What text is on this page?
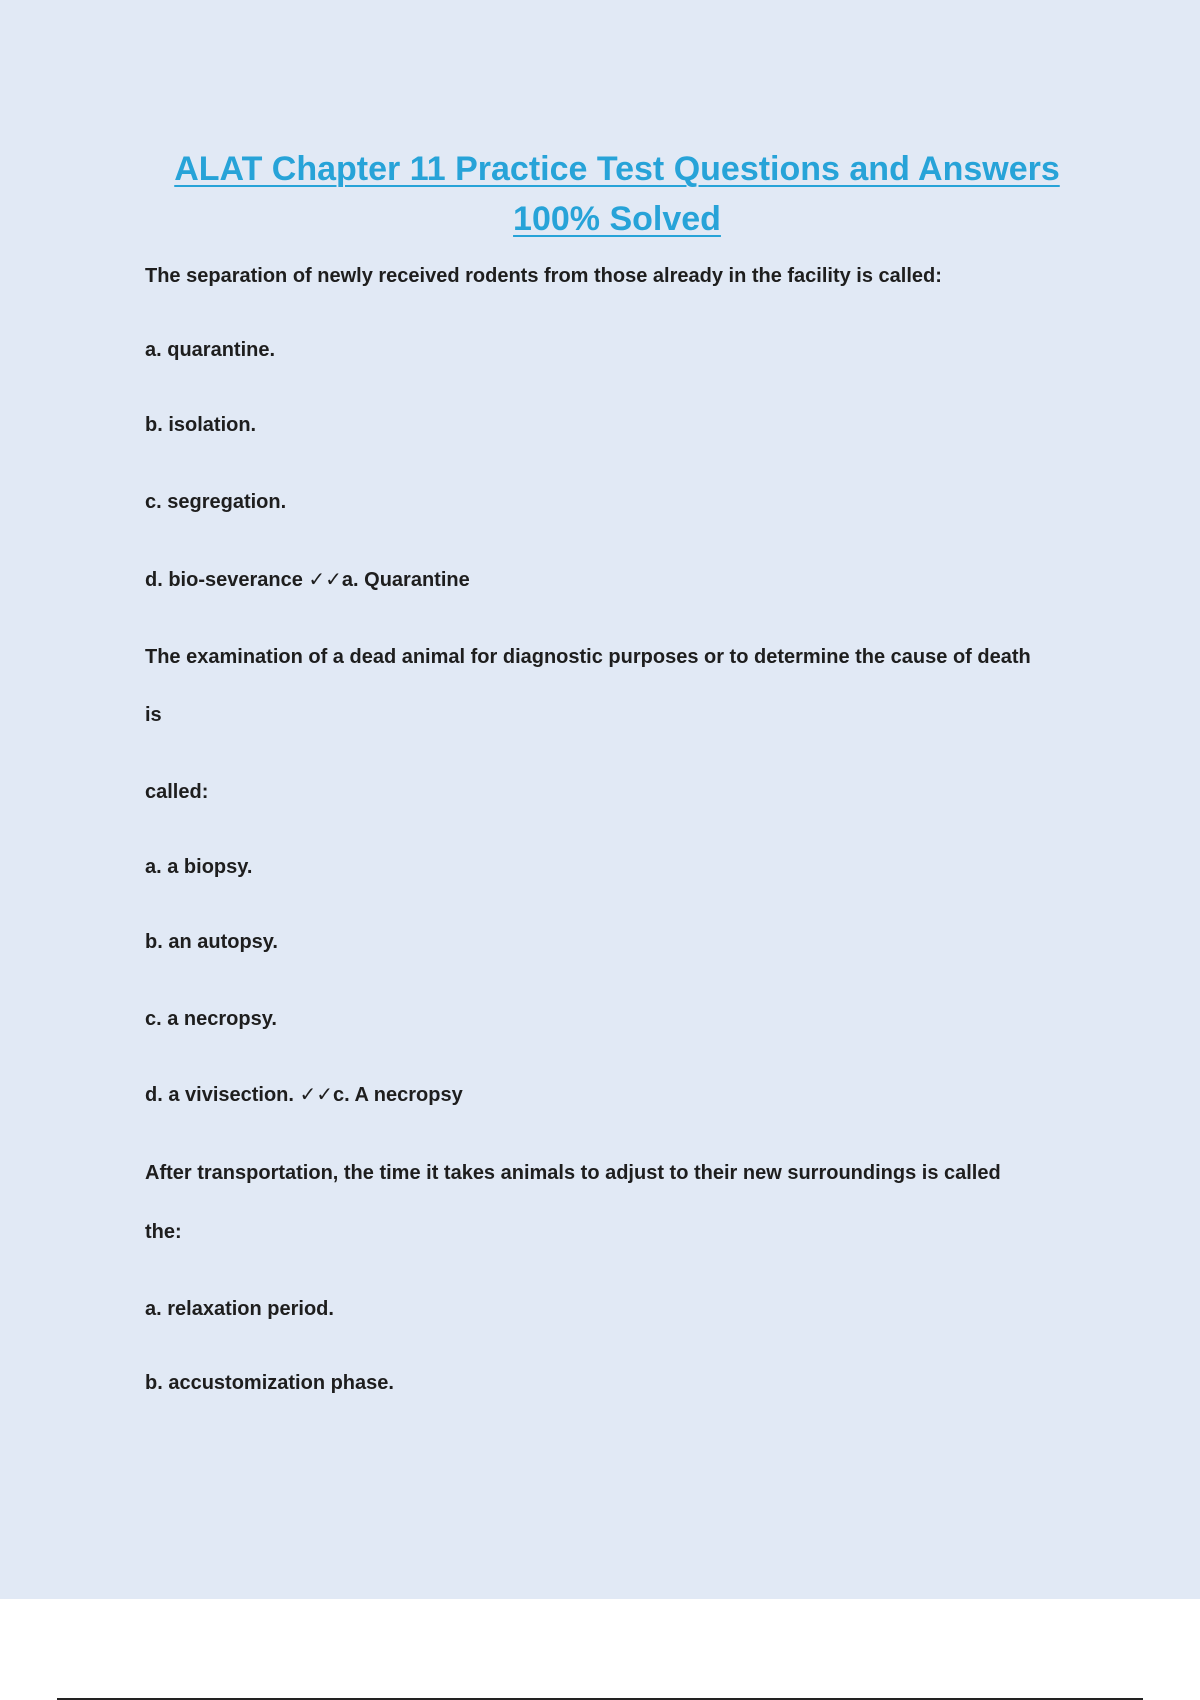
ALAT Chapter 11 Practice Test Questions and Answers
100% Solved

The separation of newly received rodents from those already in the facility is called:

a. quarantine.

b. isolation.

c. segregation.

d. bio-severance ✓✓a. Quarantine

The examination of a dead animal for diagnostic purposes or to determine the cause of death

is

called:

a. a biopsy.

b. an autopsy.

c. a necropsy.

d. a vivisection. ✓✓c. A necropsy

After transportation, the time it takes animals to adjust to their new surroundings is called

the:

a. relaxation period.

b. accustomization phase.
